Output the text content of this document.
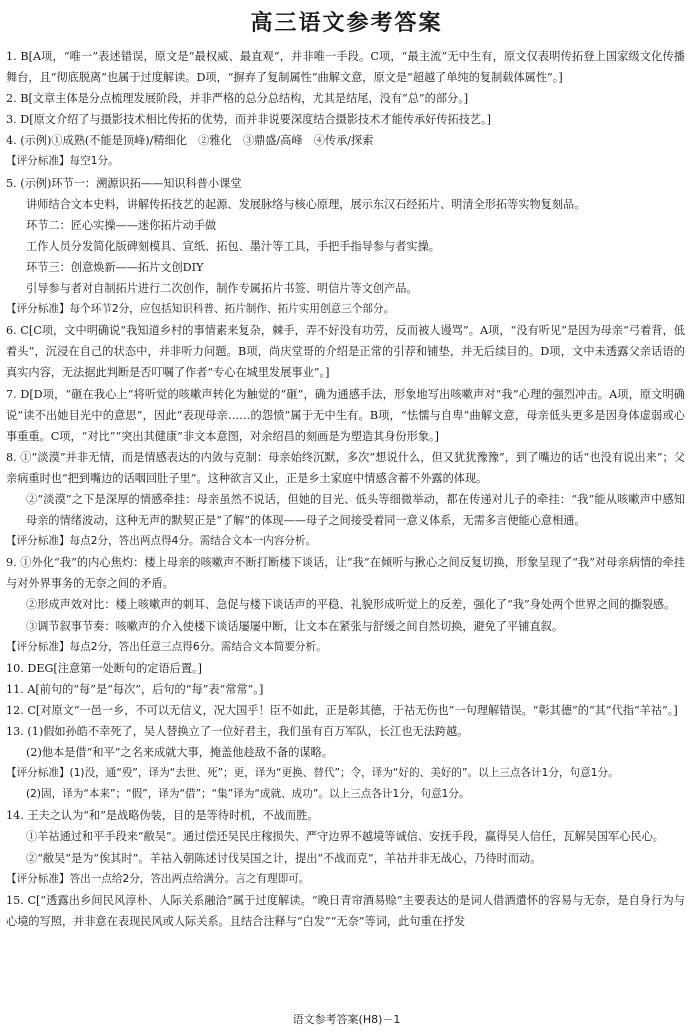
高三语文参考答案

1. B[A项，“唯一”表述错误，原文是“最权威、最直观”，并非唯一手段。C项，“最主流”无中生有，原文仅表明传拓登上国家级文化传播舞台，且“彻底脱离”也属于过度解读。D项，“摒弃了复制属性”曲解文意，原文是“超越了单纯的复制载体属性”。]

2. B[文章主体是分点梳理发展阶段，并非严格的总分总结构，尤其是结尾，没有“总”的部分。]

3. D[原文介绍了与摄影技术相比传拓的优势，而并非说要深度结合摄影技术才能传承好传拓技艺。]

4. (示例)①成熟(不能是顶峰)/精细化　②雅化　③鼎盛/高峰　④传承/探索

【评分标准】每空1分。

5. (示例)环节一：溯源识拓——知识科普小课堂

讲师结合文本史料，讲解传拓技艺的起源、发展脉络与核心原理，展示东汉石经拓片、明清全形拓等实物复刻品。

环节二：匠心实操——迷你拓片动手做

工作人员分发简化版碑刻模具、宣纸、拓包、墨汁等工具，手把手指导参与者实操。

环节三：创意焕新——拓片文创DIY

引导参与者对自制拓片进行二次创作，制作专属拓片书签、明信片等文创产品。

【评分标准】每个环节2分，应包括知识科普、拓片制作、拓片实用创意三个部分。

6. C[C项，文中明确说“我知道乡村的事情素来复杂，棘手，弄不好没有功劳，反而被人谩骂”。A项，“没有听见”是因为母亲“弓着背，低着头”，沉浸在自己的状态中，并非听力问题。B项，尚庆堂哥的介绍是正常的引荐和铺垫，并无后续目的。D项，文中未透露父亲话语的真实内容，无法据此判断是否叮嘱了作者“专心在城里发展事业”。]

7. D[D项，“砸在我心上”将听觉的咳嗽声转化为触觉的“砸”，确为通感手法，形象地写出咳嗽声对“我”心理的强烈冲击。A项，原文明确说“读不出她目光中的意思”，因此“表现母亲……的怨愤”属于无中生有。B项，“怯懦与自卑”曲解文意，母亲低头更多是因身体虚弱或心事重重。C项，“对比”“突出其健康”非文本意图，对余绍昌的刻画是为塑造其身份形象。]

8. ①“淡漠”并非无情，而是情感表达的内敛与克制：母亲始终沉默，多次“想说什么，但又犹犹豫豫”，到了嘴边的话“也没有说出来”；父亲病重时也“把到嘴边的话咽回肚子里”。这种欲言又止，正是乡土家庭中情感含蓄不外露的体现。

②“淡漠”之下是深厚的情感牵挂：母亲虽然不说话，但她的目光、低头等细微举动，都在传递对儿子的牵挂：“我”能从咳嗽声中感知母亲的情绪波动，这种无声的默契正是“了解”的体现——母子之间接受着同一意义体系，无需多言便能心意相通。

【评分标准】每点2分，答出两点得4分。需结合文本一内容分析。

9. ①外化“我”的内心焦灼：楼上母亲的咳嗽声不断打断楼下谈话，让“我”在倾听与揪心之间反复切换，形象呈现了“我”对母亲病情的牵挂与对外界事务的无奈之间的矛盾。

②形成声效对比：楼上咳嗽声的刺耳、急促与楼下谈话声的平稳、礼貌形成听觉上的反差，强化了“我”身处两个世界之间的撕裂感。

③调节叙事节奏：咳嗽声的介入使楼下谈话屡屡中断，让文本在紧张与舒缓之间自然切换，避免了平铺直叙。

【评分标准】每点2分，答出任意三点得6分。需结合文本简要分析。

10. DEG[注意第一处断句的定语后置。]

11. A[前句的“每”是“每次”，后句的“每”表“常常”。]

12. C[对原文“一邑一乡，不可以无信义，况大国乎！臣不如此，正是彰其德，于祜无伤也”一句理解错误。“彰其德”的“其”代指“羊祜”。]

13. (1)假如孙皓不幸死了，吴人替换立了一位好君主，我们虽有百万军队，长江也无法跨越。

(2)他本是借“和平”之名来成就大事，掩盖他趁敌不备的谋略。

【评分标准】(1)没，通“殁”，译为“去世、死”；更，译为“更换、替代”；令，译为“好的、美好的”。以上三点各计1分，句意1分。

(2)固，译为“本来”；“假”，译为“借”；“集”译为“成就、成功”。以上三点各计1分，句意1分。

14. 王夫之认为“和”是战略伪装，目的是等待时机，不战而胜。

①羊祜通过和平手段来“敝吴”。通过偿还吴民庄稼损失、严守边界不越境等诚信、安抚手段，赢得吴人信任，瓦解吴国军心民心。

②“敝吴”是为“俟其时”。羊祜入朝陈述讨伐吴国之计，提出“不战而克”，羊祜并非无战心，乃待时而动。

【评分标准】答出一点给2分，答出两点给满分。言之有理即可。

15. C[“透露出乡间民风淳朴、人际关系融洽”属于过度解读。“晚日青帘酒易赊”主要表达的是词人借酒遣怀的容易与无奈，是自身行为与心境的写照，并非意在表现民风或人际关系。且结合注释与“白发”“无奈”等词，此句重在抒发

语文参考答案(H8)－1
